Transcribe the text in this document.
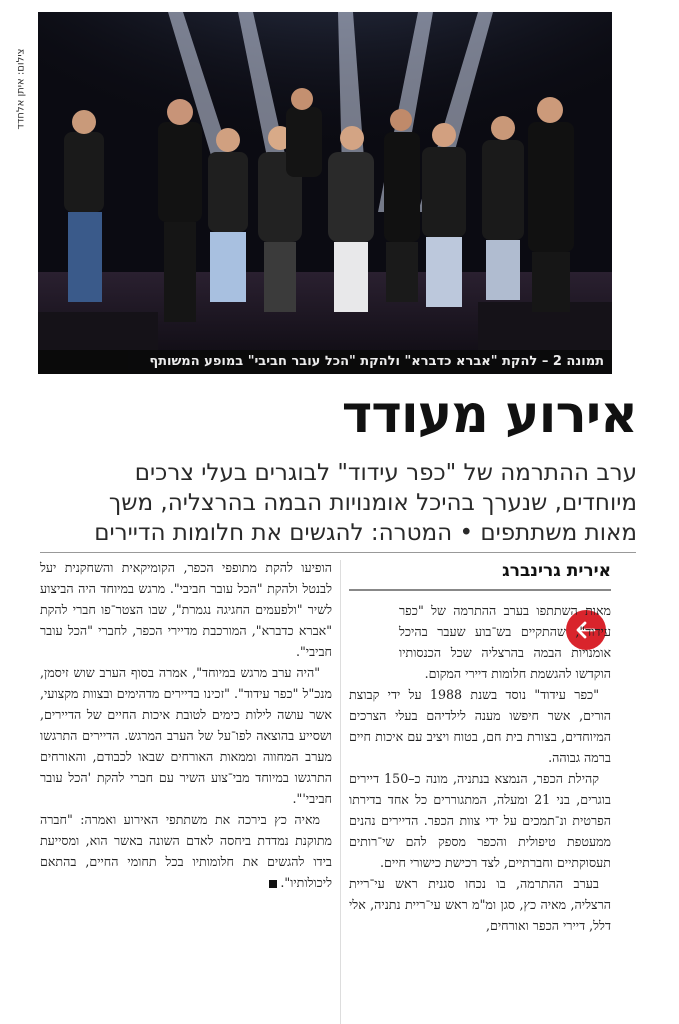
צילום: איתן אלחדד
תמונה 2 – להקת "אברא כדברא" ולהקת "הכל עובר חביבי" במופע המשותף
אירוע מעודד

ערב ההתרמה של "כפר עידוד" לבוגרים בעלי צרכים

מיוחדים, שנערך בהיכל אומנויות הבמה בהרצליה, משך

מאות משתתפים • המטרה: להגשים את חלומות הדיירים

אירית גרינברג

מאות השתתפו בערב ההתרמה של "כפר עידוד", שהתקיים בש־בוע שעבר בהיכל אומנויות הבמה בהרצליה שכל הכנסותיו הוקדשו להגשמת חלומות דיירי המקום.

"כפר עידוד" נוסד בשנת 1988 על ידי קבוצת הורים, אשר חיפשו מענה לילדיהם בעלי הצרכים המיוחדים, בצורת בית חם, בטוח ויציב עם איכות חיים ברמה גבוהה.

קהילת הכפר, הנמצא בנתניה, מונה כ–150 דיירים בוגרים, בני 21 ומעלה, המתגוררים כל אחד בדירתו הפרטית ונ־תמכים על ידי צוות הכפר. הדיירים נהנים ממעטפת טיפולית והכפר מספק להם שי־רותים תעסוקתיים וחברתיים, לצד רכישת כישורי חיים.

בערב ההתרמה, בו נכחו סגנית ראש עי־ריית הרצליה, מאיה כץ, סגן ומ"מ ראש עי־ריית נתניה, אלי דלל, דיירי הכפר ואורחים,

הופיעו להקת מתופפי הכפר, הקומיקאית והשחקנית יעל לבנטל ולהקת "הכל עובר חביבי". מרגש במיוחד היה הביצוע לשיר "ולפעמים החגיגה נגמרת", שבו הצטר־פו חברי להקת "אברא כדברא", המורכבת מדיירי הכפר, לחברי "הכל עובר חביבי".

"היה ערב מרגש במיוחד", אמרה בסוף הערב שוש זיסמן, מנכ"ל "כפר עידוד". "זכינו בדיירים מדהימים ובצוות מקצועי, אשר עושה לילות כימים לטובת איכות החיים של הדיירים, ושסייע בהוצאה לפו־על של הערב המרגש. הדיירים התרגשו מערב המחווה וממאות האורחים שבאו לכבודם, והאורחים התרגשו במיוחד מבי־צוע השיר עם חברי להקת 'הכל עובר חביבי'".

מאיה כץ בירכה את משתתפי האירוע ואמרה: "חברה מתוקנת נמדדת ביחסה לאדם השונה באשר הוא, ומסייעת בידו להגשים את חלומותיו בכל תחומי החיים, בהתאם ליכולותיו".
